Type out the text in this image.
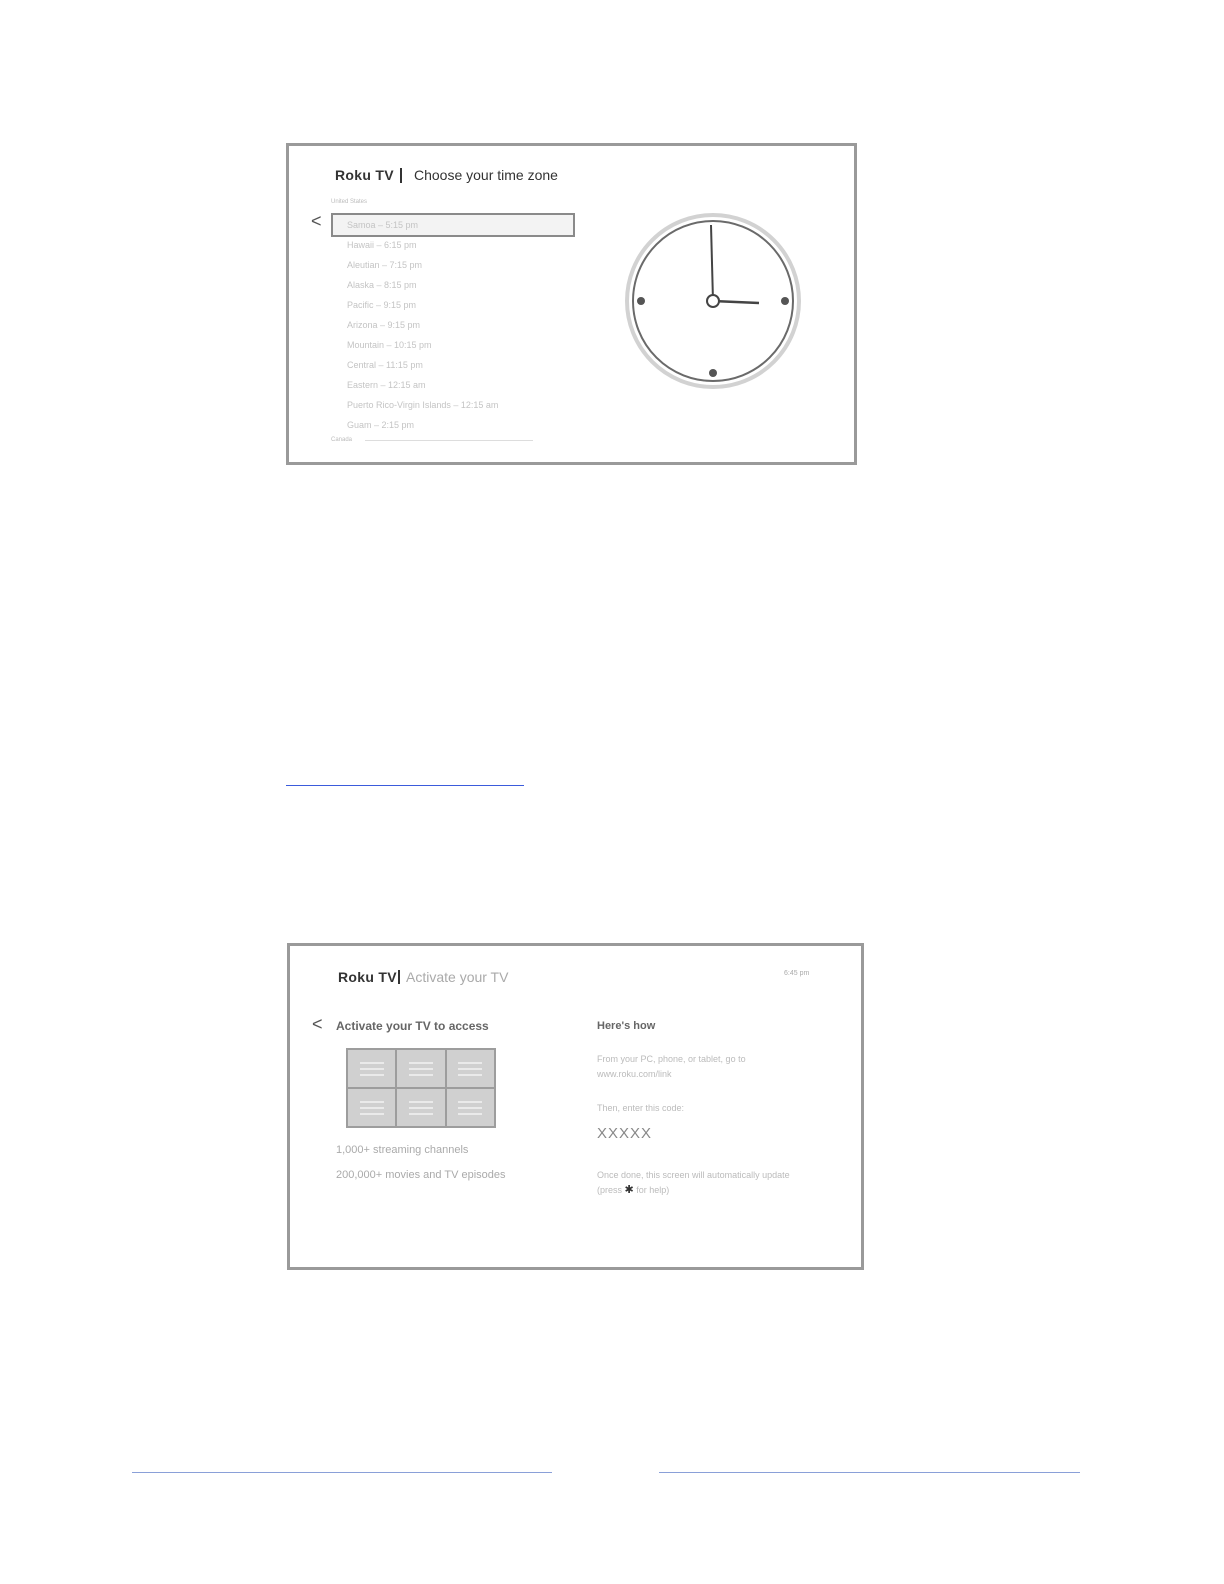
Roku TV Choose your time zone
<
United States
Samoa – 5:15 pm
Hawaii – 6:15 pm
Aleutian – 7:15 pm
Alaska – 8:15 pm
Pacific – 9:15 pm
Arizona – 9:15 pm
Mountain – 10:15 pm
Central – 11:15 pm
Eastern – 12:15 am
Puerto Rico-Virgin Islands – 12:15 am
Guam – 2:15 pm
Canada
Roku TV Activate your TV	6:45 pm
< Activate your TV to access
1,000+ streaming channels
200,000+ movies and TV episodes
Here's how
From your PC, phone, or tablet, go to www.roku.com/link
Then, enter this code:
XXXXX
Once done, this screen will automatically update (press ✱ for help)
